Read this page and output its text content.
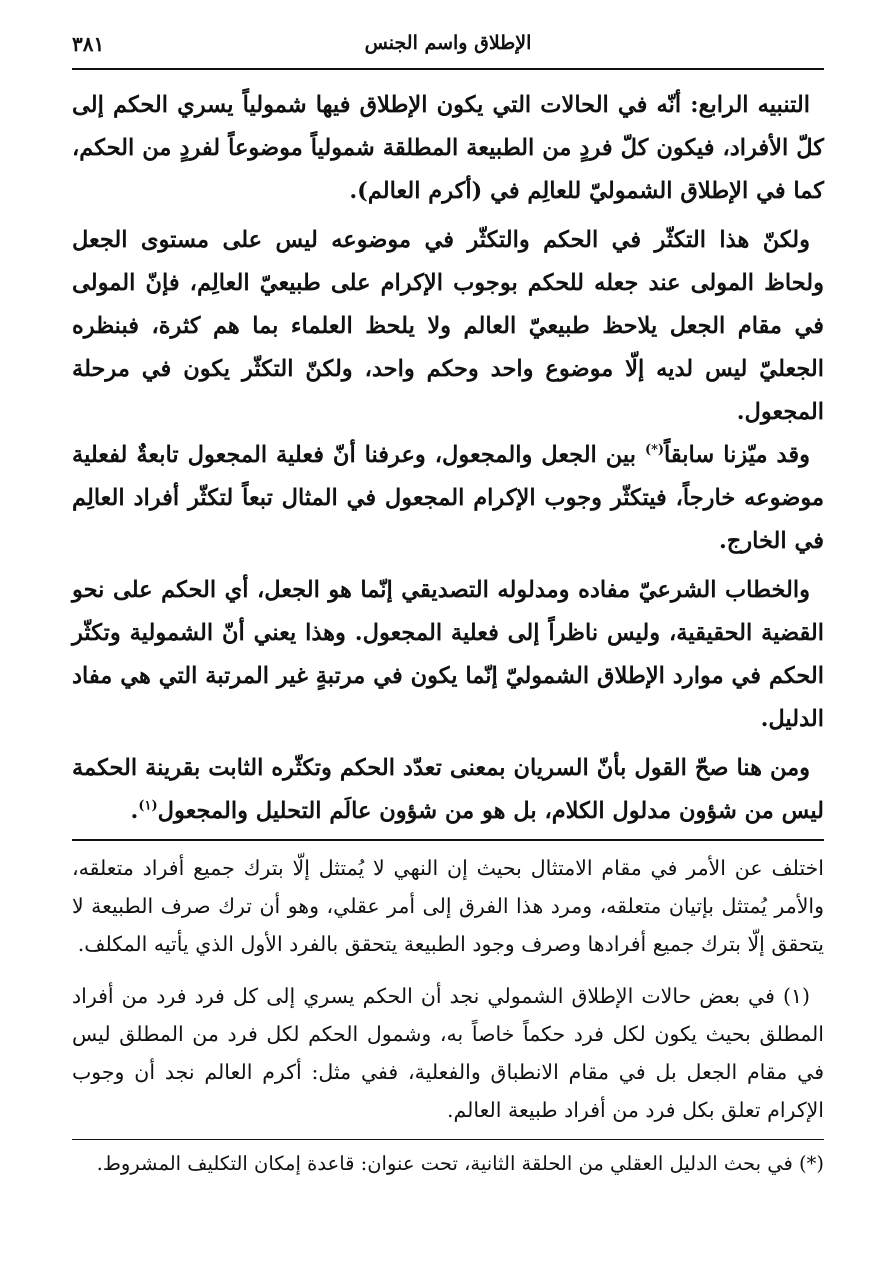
الإطلاق واسم الجنس
٣٨١

التنبيه الرابع: أنّه في الحالات التي يكون الإطلاق فيها شمولياً يسري الحكم إلى كلّ الأفراد، فيكون كلّ فردٍ من الطبيعة المطلقة شمولياً موضوعاً لفردٍ من الحكم، كما في الإطلاق الشموليّ للعالِم في (أكرم العالم).

ولكنّ هذا التكثّر في الحكم والتكثّر في موضوعه ليس على مستوى الجعل ولحاظ المولى عند جعله للحكم بوجوب الإكرام على طبيعيّ العالِم، فإنّ المولى في مقام الجعل يلاحظ طبيعيّ العالم ولا يلحظ العلماء بما هم كثرة، فبنظره الجعليّ ليس لديه إلّا موضوع واحد وحكم واحد، ولكنّ التكثّر يكون في مرحلة المجعول.

وقد ميّزنا سابقاً(*) بين الجعل والمجعول، وعرفنا أنّ فعلية المجعول تابعةٌ لفعلية موضوعه خارجاً، فيتكثّر وجوب الإكرام المجعول في المثال تبعاً لتكثّر أفراد العالِم في الخارج.

والخطاب الشرعيّ مفاده ومدلوله التصديقي إنّما هو الجعل، أي الحكم على نحو القضية الحقيقية، وليس ناظراً إلى فعلية المجعول. وهذا يعني أنّ الشمولية وتكثّر الحكم في موارد الإطلاق الشموليّ إنّما يكون في مرتبةٍ غير المرتبة التي هي مفاد الدليل.

ومن هنا صحّ القول بأنّ السريان بمعنى تعدّد الحكم وتكثّره الثابت بقرينة الحكمة ليس من شؤون مدلول الكلام، بل هو من شؤون عالَم التحليل والمجعول$^{(١)}$.

اختلف عن الأمر في مقام الامتثال بحيث إن النهي لا يُمتثل إلّا بترك جميع أفراد متعلقه، والأمر يُمتثل بإتيان متعلقه، ومرد هذا الفرق إلى أمر عقلي، وهو أن ترك صرف الطبيعة لا يتحقق إلّا بترك جميع أفرادها وصرف وجود الطبيعة يتحقق بالفرد الأول الذي يأتيه المكلف.

(١) في بعض حالات الإطلاق الشمولي نجد أن الحكم يسري إلى كل فرد فرد من أفراد المطلق بحيث يكون لكل فرد حكماً خاصاً به، وشمول الحكم لكل فرد من المطلق ليس في مقام الجعل بل في مقام الانطباق والفعلية، ففي مثل: أكرم العالم نجد أن وجوب الإكرام تعلق بكل فرد من أفراد طبيعة العالم.

(*) في بحث الدليل العقلي من الحلقة الثانية، تحت عنوان: قاعدة إمكان التكليف المشروط.
